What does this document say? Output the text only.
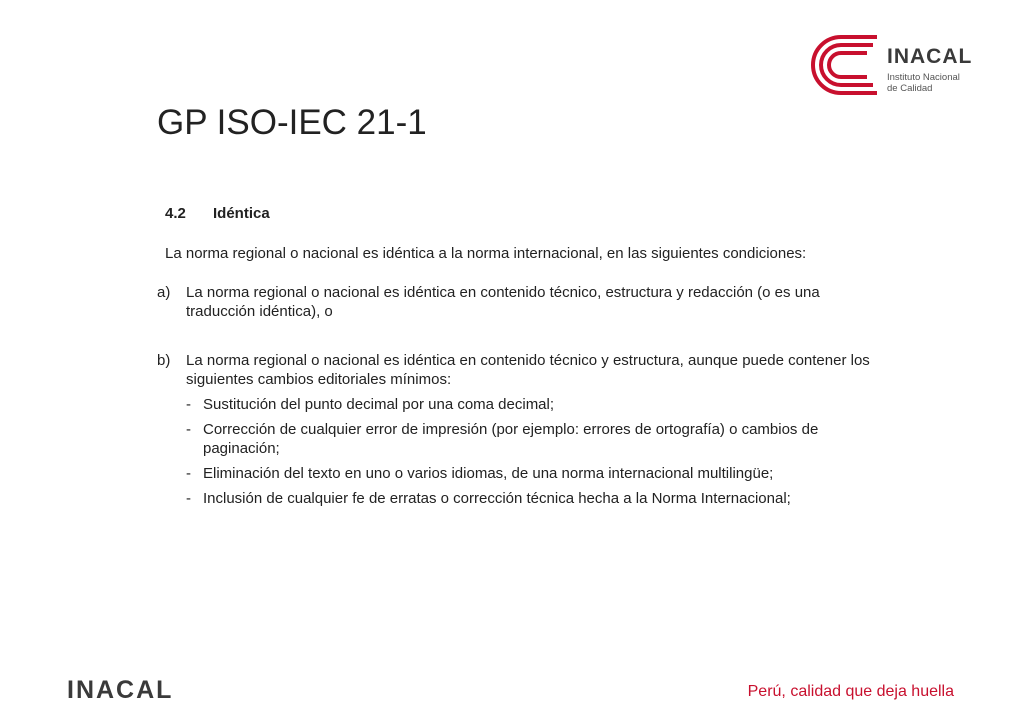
INACAL
Instituto Nacional
de Calidad
GP ISO-IEC 21-1
4.2 Idéntica
La norma regional o nacional es idéntica a la norma internacional, en las siguientes condiciones:
a)	La norma regional o nacional es idéntica en contenido técnico, estructura y redacción (o es una traducción idéntica), o
b)	La norma regional o nacional es idéntica en contenido técnico y estructura, aunque puede contener los siguientes cambios editoriales mínimos:
- Sustitución del punto decimal por una coma decimal;
- Corrección de cualquier error de impresión (por ejemplo: errores de ortografía) o cambios de paginación;
- Eliminación del texto en uno o varios idiomas, de una norma internacional multilingüe;
- Inclusión de cualquier fe de erratas o corrección técnica hecha a la Norma Internacional;
INACAL	Perú, calidad que deja huella
